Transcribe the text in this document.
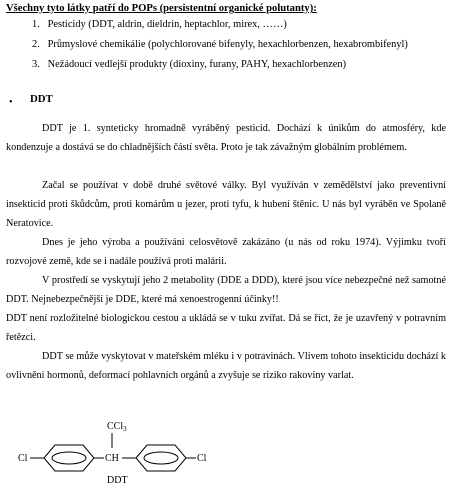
Všechny tyto látky patří do POPs (persistentní organické polutanty):
1. Pesticidy (DDT, aldrin, dieldrin, heptachlor, mirex, ……)
2. Průmyslové chemikálie (polychlorované bifenyly, hexachlorbenzen, hexabrombifenyl)
3. Nežádoucí vedlejší produkty (dioxiny, furany, PAHY, hexachlorbenzen)
• DDT

DDT je 1. synteticky hromadně vyráběný pesticid. Dochází k únikům do atmosféry, kde kondenzuje a dostává se do chladnějších částí světa. Proto je tak závažným globálním problémem.

Začal se používat v době druhé světové války. Byl využíván v zemědělství jako preventivní insekticid proti škůdcům, proti komárům u jezer, proti tyfu, k hubení štěnic. U nás byl vyráběn ve Spolaně Neratovice.

Dnes je jeho výroba a používání celosvětově zakázáno (u nás od roku 1974). Výjimku tvoří rozvojové země, kde se i nadále používá proti malárii.

V prostředí se vyskytují jeho 2 metabolity (DDE a DDD), které jsou více nebezpečné než samotné DDT. Nejnebezpečnější je DDE, které má xenoestrogenní účinky!!

DDT není rozložitelné biologickou cestou a ukládá se v tuku zvířat. Dá se říct, že je uzavřený v potravním řetězci.

DDT se může vyskytovat v mateřském mléku i v potravinách. Vlivem tohoto insekticidu dochází k ovlivnění hormonů, deformací pohlavních orgánů a zvyšuje se riziko rakoviny varlat.

CCl$_3$
Cl	CH	Cl
DDT
